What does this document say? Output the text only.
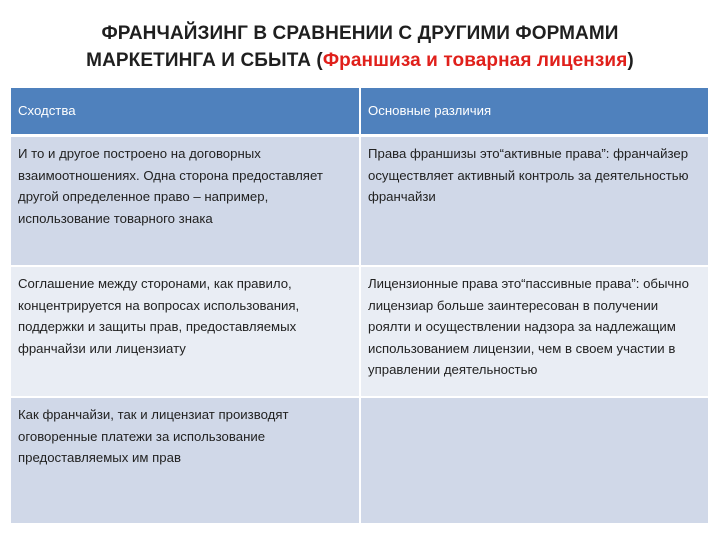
ФРАНЧАЙЗИНГ В СРАВНЕНИИ С ДРУГИМИ ФОРМАМИ
МАРКЕТИНГА И СБЫТА (Франшиза и товарная лицензия)
Сходства	Основные различия
И то и другое построено на договорных взаимоотношениях. Одна сторона предоставляет другой определенное право – например, использование товарного знака	Права франшизы это“активные права”: франчайзер осуществляет активный контроль за деятельностью франчайзи
Соглашение между сторонами, как правило, концентрируется на вопросах использования, поддержки и защиты прав, предоставляемых франчайзи или лицензиату	Лицензионные права это“пассивные права”: обычно лицензиар больше заинтересован в получении роялти и осуществлении надзора за надлежащим использованием лицензии, чем в своем участии в управлении деятельностью
Как франчайзи, так и лицензиат производят оговоренные платежи за использование предоставляемых им прав	
